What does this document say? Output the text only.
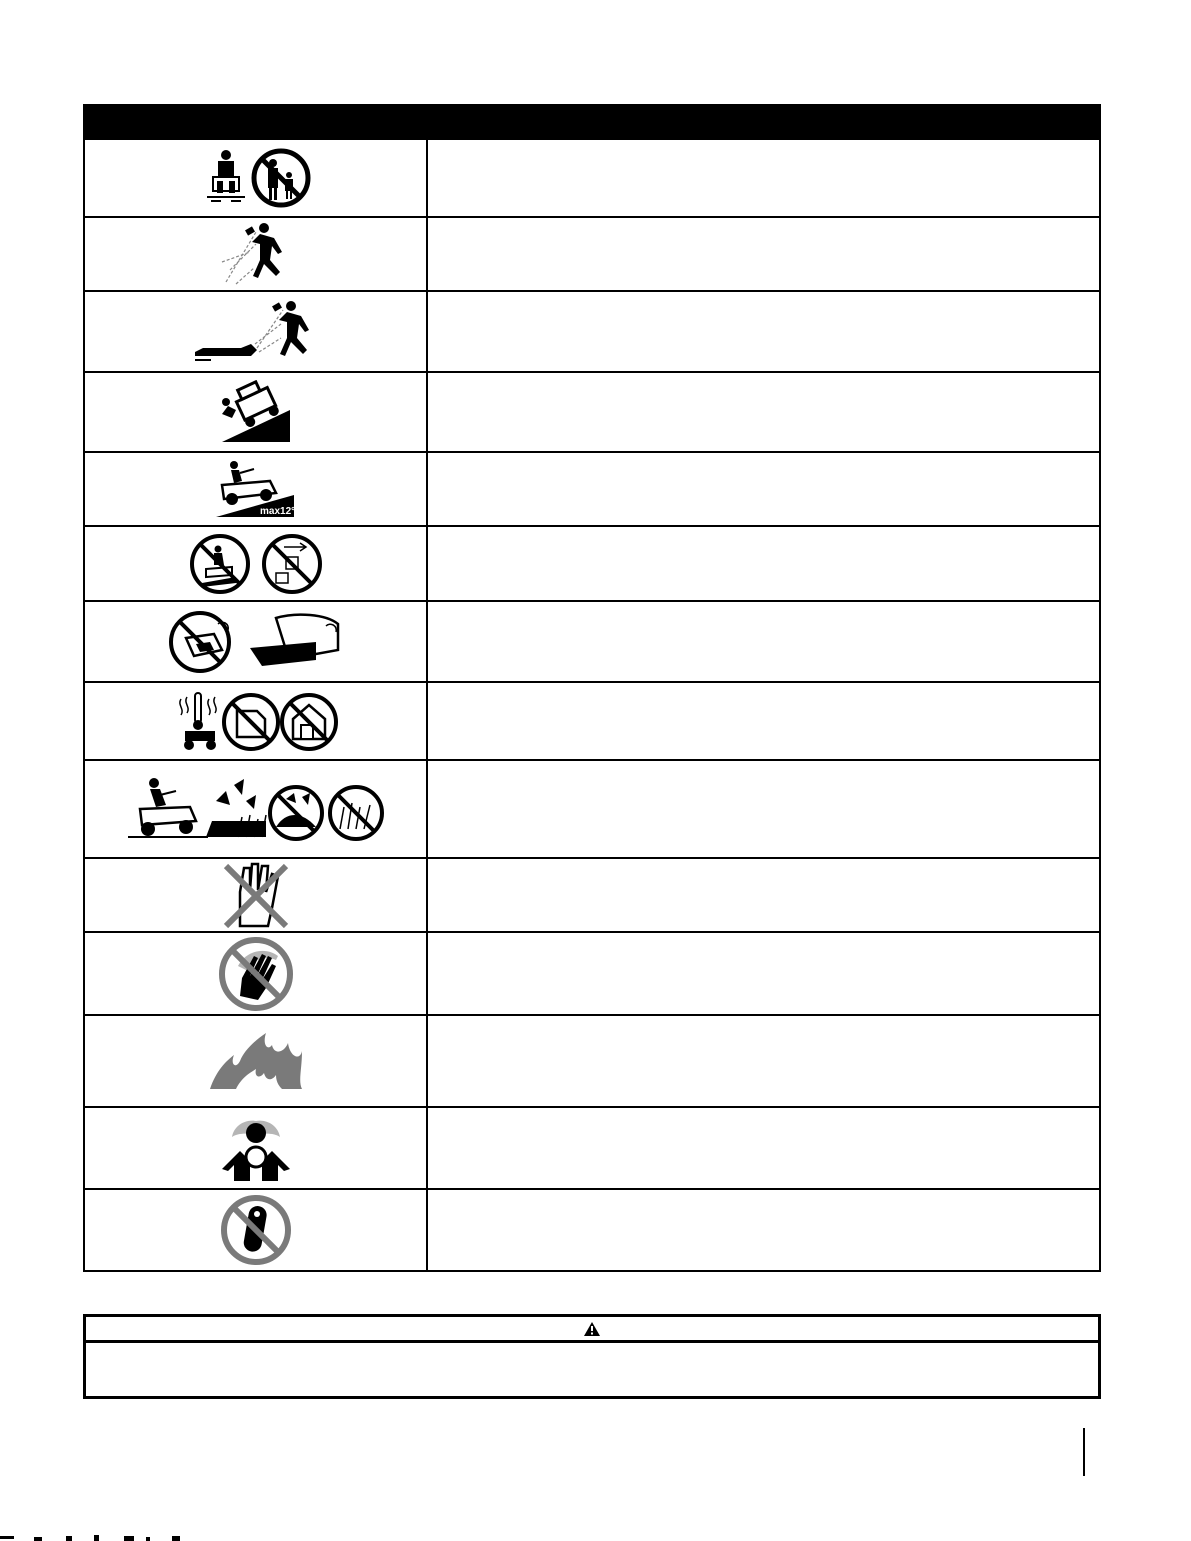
max12°
